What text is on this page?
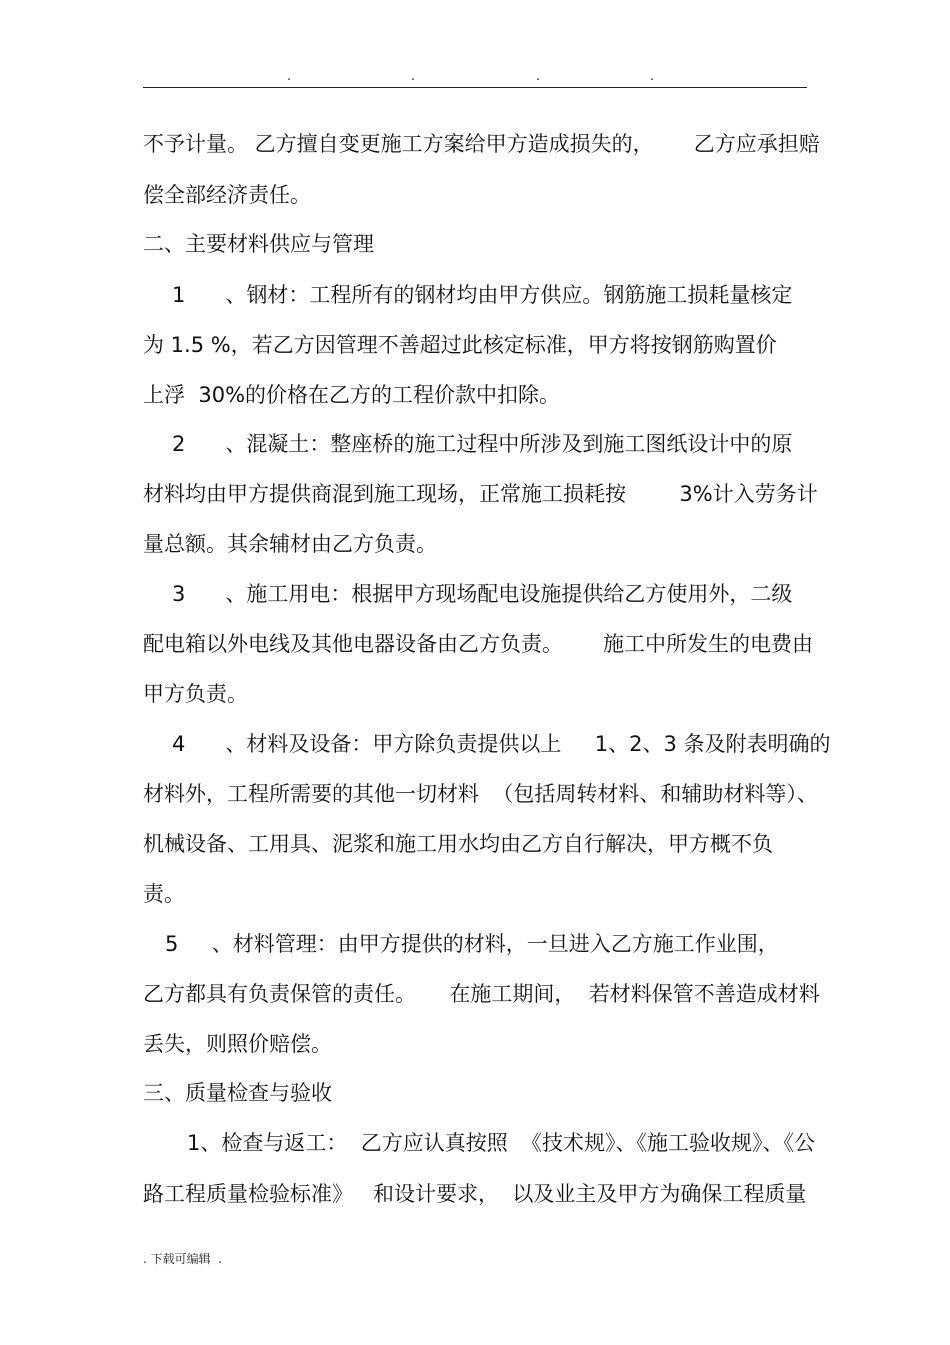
.	.	.	.
不予计量。 乙方擅自变更施工方案给甲方造成损失的，      乙方应承担赔
偿全部经济责任。
二、主要材料供应与管理
1      、钢材：工程所有的钢材均由甲方供应。钢筋施工损耗量核定
为 1.5 %，若乙方因管理不善超过此核定标准，甲方将按钢筋购置价
上浮  30%的价格在乙方的工程价款中扣除。
2      、混凝土：整座桥的施工过程中所涉及到施工图纸设计中的原
材料均由甲方提供商混到施工现场，正常施工损耗按        3%计入劳务计
量总额。其余辅材由乙方负责。
3      、施工用电：根据甲方现场配电设施提供给乙方使用外，二级
配电箱以外电线及其他电器设备由乙方负责。      施工中所发生的电费由
甲方负责。
4      、材料及设备：甲方除负责提供以上     1、2、3 条及附表明确的
材料外，工程所需要的其他一切材料  （包括周转材料、和辅助材料等）、
机械设备、工用具、泥浆和施工用水均由乙方自行解决，甲方概不负
责。
5     、材料管理：由甲方提供的材料，一旦进入乙方施工作业围，
乙方都具有负责保管的责任。     在施工期间，  若材料保管不善造成材料
丢失，则照价赔偿。
三、质量检查与验收
1、检查与返工：  乙方应认真按照  《技术规》、《施工验收规》、《公
路工程质量检验标准》   和设计要求，  以及业主及甲方为确保工程质量
. 下载可编辑  .
